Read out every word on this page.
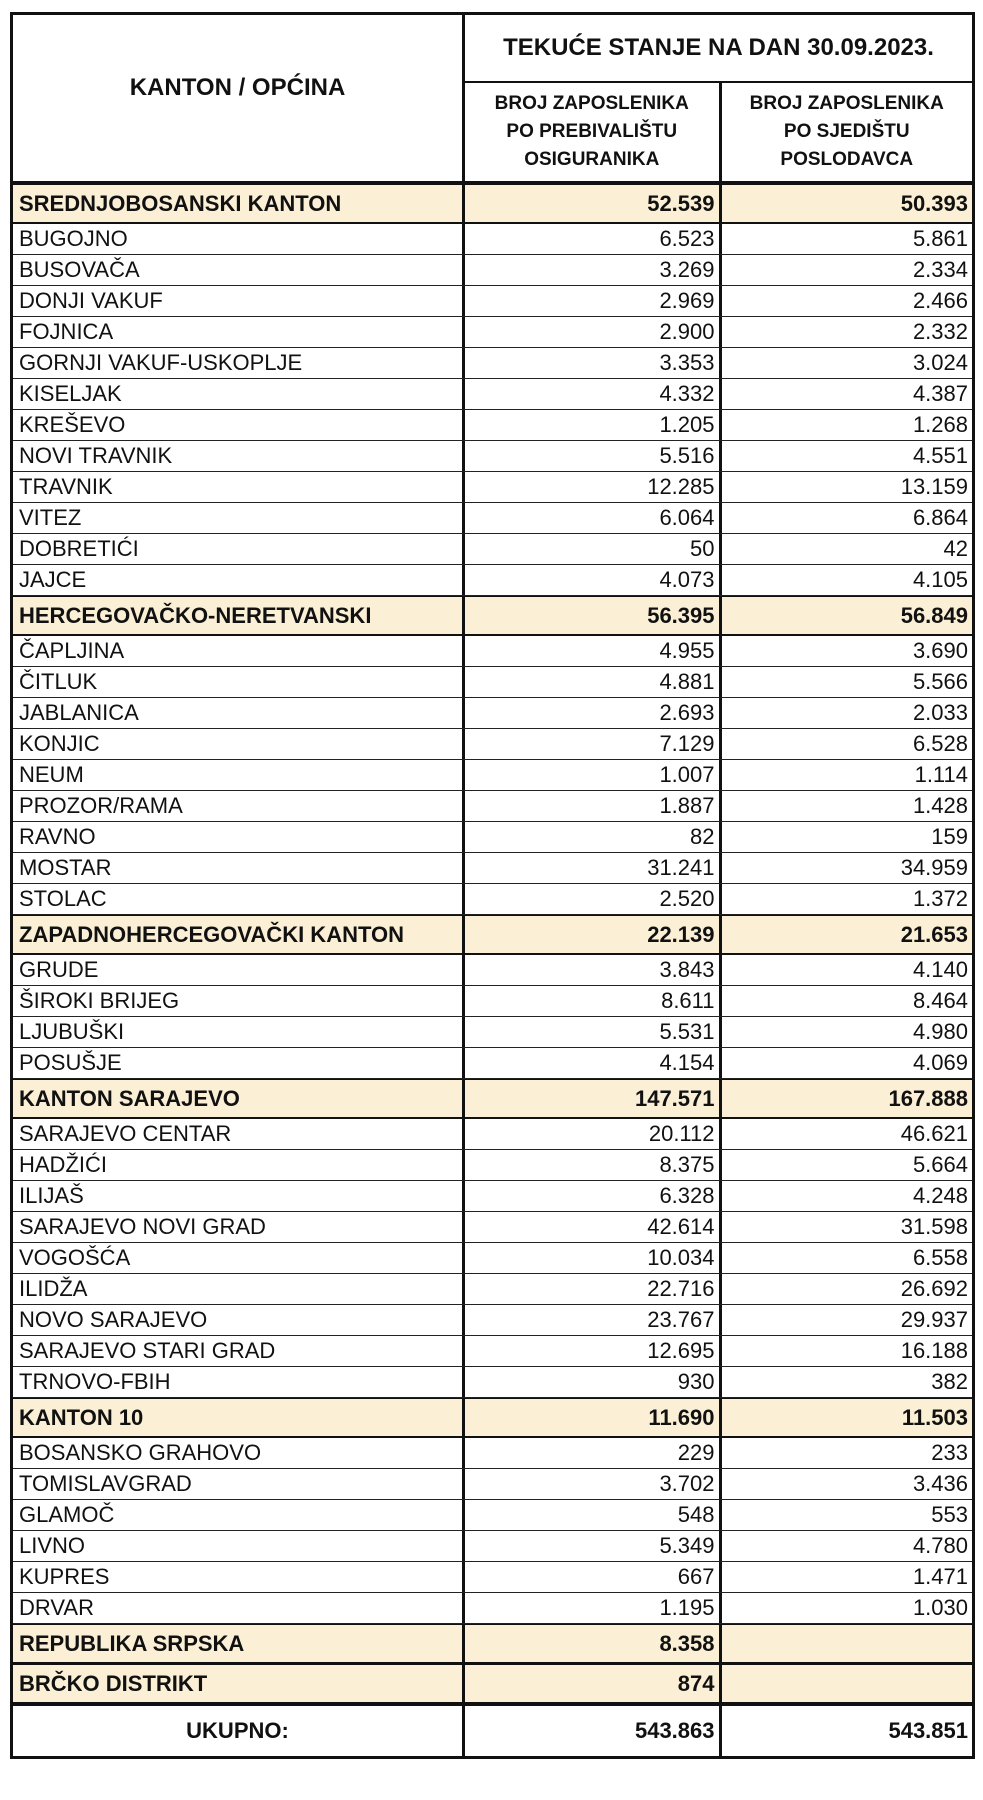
KANTON / OPĆINA
TEKUĆE STANJE NA DAN 30.09.2023.
BROJ ZAPOSLENIKA
PO PREBIVALIŠTU
OSIGURANIKA
BROJ ZAPOSLENIKA
PO SJEDIŠTU
POSLODAVCA
SREDNJOBOSANSKI KANTON	52.539	50.393
BUGOJNO	6.523	5.861
BUSOVAČA	3.269	2.334
DONJI VAKUF	2.969	2.466
FOJNICA	2.900	2.332
GORNJI VAKUF-USKOPLJE	3.353	3.024
KISELJAK	4.332	4.387
KREŠEVO	1.205	1.268
NOVI TRAVNIK	5.516	4.551
TRAVNIK	12.285	13.159
VITEZ	6.064	6.864
DOBRETIĆI	50	42
JAJCE	4.073	4.105
HERCEGOVAČKO-NERETVANSKI	56.395	56.849
ČAPLJINA	4.955	3.690
ČITLUK	4.881	5.566
JABLANICA	2.693	2.033
KONJIC	7.129	6.528
NEUM	1.007	1.114
PROZOR/RAMA	1.887	1.428
RAVNO	82	159
MOSTAR	31.241	34.959
STOLAC	2.520	1.372
ZAPADNOHERCEGOVAČKI KANTON	22.139	21.653
GRUDE	3.843	4.140
ŠIROKI BRIJEG	8.611	8.464
LJUBUŠKI	5.531	4.980
POSUŠJE	4.154	4.069
KANTON SARAJEVO	147.571	167.888
SARAJEVO CENTAR	20.112	46.621
HADŽIĆI	8.375	5.664
ILIJAŠ	6.328	4.248
SARAJEVO NOVI GRAD	42.614	31.598
VOGOŠĆA	10.034	6.558
ILIDŽA	22.716	26.692
NOVO SARAJEVO	23.767	29.937
SARAJEVO STARI GRAD	12.695	16.188
TRNOVO-FBIH	930	382
KANTON 10	11.690	11.503
BOSANSKO GRAHOVO	229	233
TOMISLAVGRAD	3.702	3.436
GLAMOČ	548	553
LIVNO	5.349	4.780
KUPRES	667	1.471
DRVAR	1.195	1.030
REPUBLIKA SRPSKA	8.358
BRČKO DISTRIKT	874
UKUPNO:	543.863	543.851
